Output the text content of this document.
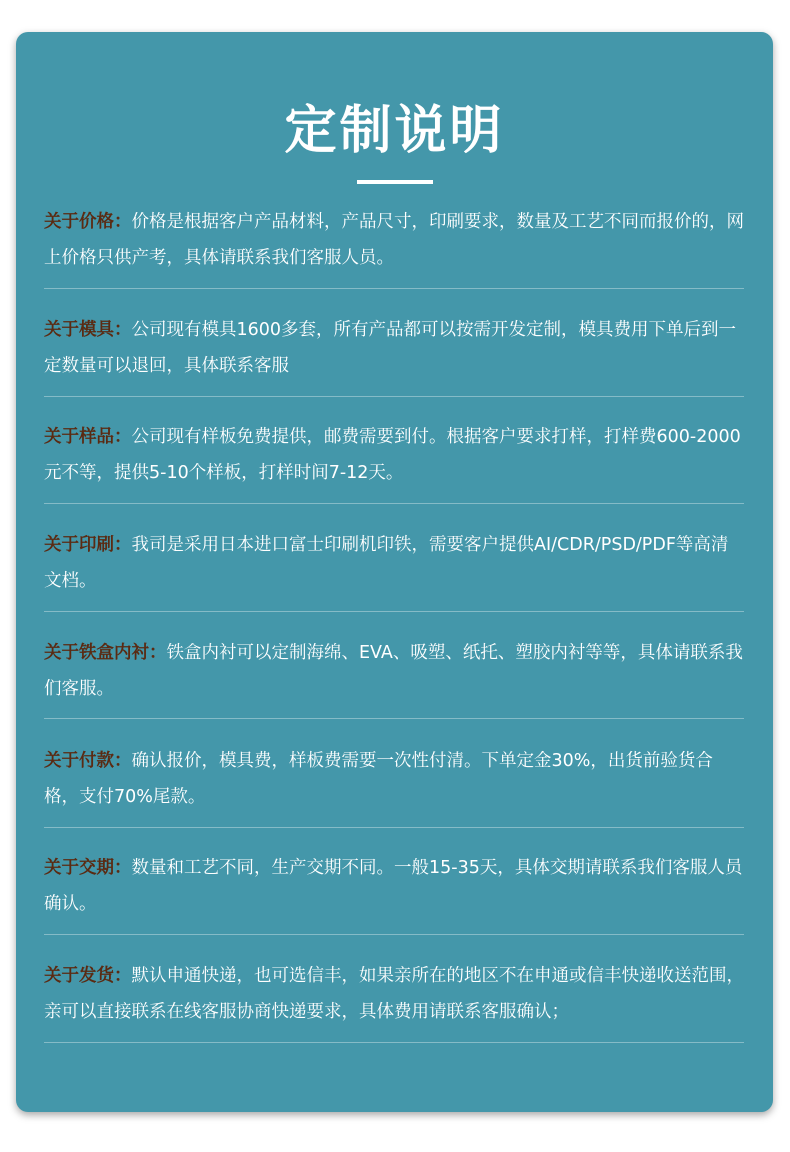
定制说明
关于价格：价格是根据客户产品材料，产品尺寸，印刷要求，数量及工艺不同而报价的，网上价格只供产考，具体请联系我们客服人员。
关于模具：公司现有模具1600多套，所有产品都可以按需开发定制，模具费用下单后到一定数量可以退回，具体联系客服
关于样品：公司现有样板免费提供，邮费需要到付。根据客户要求打样，打样费600-2000元不等，提供5-10个样板，打样时间7-12天。
关于印刷：我司是采用日本进口富士印刷机印铁，需要客户提供AI/CDR/PSD/PDF等高清文档。
关于铁盒内衬：铁盒内衬可以定制海绵、EVA、吸塑、纸托、塑胶内衬等等，具体请联系我们客服。
关于付款：确认报价，模具费，样板费需要一次性付清。下单定金30%，出货前验货合格，支付70%尾款。
关于交期：数量和工艺不同，生产交期不同。一般15-35天，具体交期请联系我们客服人员确认。
关于发货：默认申通快递，也可选信丰，如果亲所在的地区不在申通或信丰快递收送范围，亲可以直接联系在线客服协商快递要求，具体费用请联系客服确认；
